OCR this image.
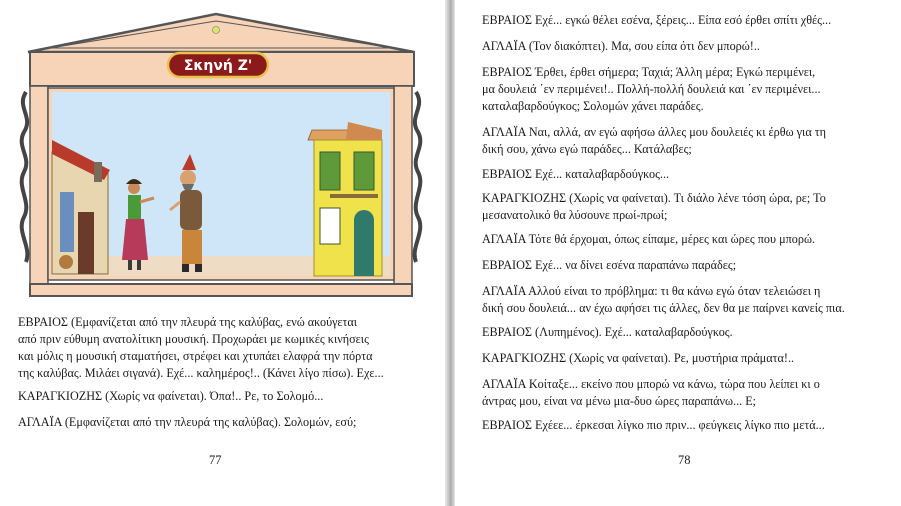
Σκηνή Ζ'
ΕΒΡΑΙΟΣ (Εμφανίζεται από την πλευρά της καλύβας, ενώ ακούγεται
από πριν εύθυμη ανατολίτικη μουσική. Προχωράει με κωμικές κινήσεις
και μόλις η μουσική σταματήσει, στρέφει και χτυπάει ελαφρά την πόρτα
της καλύβας. Μιλάει σιγανά). Εχέ... καλημέρος!.. (Κάνει λίγο πίσω). Εχε...
ΚΑΡΑΓΚΙΟΖΗΣ (Χωρίς να φαίνεται). Όπα!.. Ρε, το Σολομό...
ΑΓΛΑΪΑ (Εμφανίζεται από την πλευρά της καλύβας). Σολομών, εσύ;
77
ΕΒΡΑΙΟΣ Εχέ... εγκώ θέλει εσένα, ξέρεις... Είπα εσό έρθει σπίτι χθές...
ΑΓΛΑΪΑ (Τον διακόπτει). Μα, σου είπα ότι δεν μπορώ!..
ΕΒΡΑΙΟΣ Έρθει, έρθει σήμερα; Ταχιά; Άλλη μέρα; Εγκώ περιμένει,
μα δουλειά ΄εν περιμένει!.. Πολλή-πολλή δουλειά και ΄εν περιμένει...
καταλαβαρδούγκος; Σολομών χάνει παράδες.
ΑΓΛΑΪΑ Ναι, αλλά, αν εγώ αφήσω άλλες μου δουλειές κι έρθω για τη
δική σου, χάνω εγώ παράδες... Κατάλαβες;
ΕΒΡΑΙΟΣ Εχέ... καταλαβαρδούγκος...
ΚΑΡΑΓΚΙΟΖΗΣ (Χωρίς να φαίνεται). Τι διάλο λένε τόση ώρα, ρε; Το
μεσανατολικό θα λύσουνε πρωί-πρωί;
ΑΓΛΑΪΑ Τότε θά έρχομαι, όπως είπαμε, μέρες και ώρες που μπορώ.
ΕΒΡΑΙΟΣ Εχέ... να δίνει εσένα παραπάνω παράδες;
ΑΓΛΑΪΑ Αλλού είναι το πρόβλημα: τι θα κάνω εγώ όταν τελειώσει η
δική σου δουλειά... αν έχω αφήσει τις άλλες, δεν θα με παίρνει κανείς πια.
ΕΒΡΑΙΟΣ (Λυπημένος). Εχέ... καταλαβαρδούγκος.
ΚΑΡΑΓΚΙΟΖΗΣ (Χωρίς να φαίνεται). Ρε, μυστήρια πράματα!..
ΑΓΛΑΪΑ Κοίταξε... εκείνο που μπορώ να κάνω, τώρα που λείπει κι ο
άντρας μου, είναι να μένω μια-δυο ώρες παραπάνω... Ε;
ΕΒΡΑΙΟΣ Εχέεε... έρκεσαι λίγκο πιο πριν... φεύγκεις λίγκο πιο μετά...
78
